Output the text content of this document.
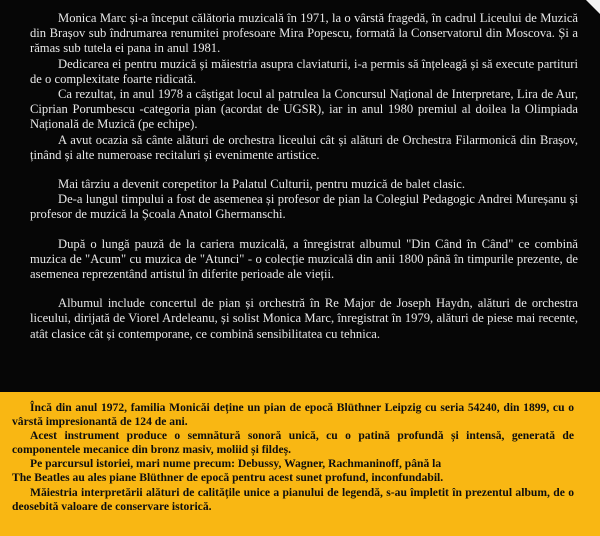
Monica Marc și-a început călătoria muzicală în 1971, la o vârstă fragedă, în cadrul Liceului de Muzică din Brașov sub îndrumarea renumitei profesoare Mira Popescu, formată la Conservatorul din Moscova. Și a rămas sub tutela ei pana in anul 1981.

Dedicarea ei pentru muzică și măiestria asupra claviaturii, i-a permis să înțeleagă și să execute partituri de o complexitate foarte ridicată.

Ca rezultat, in anul 1978 a câștigat locul al patrulea la Concursul Național de Interpretare, Lira de Aur, Ciprian Porumbescu -categoria pian (acordat de UGSR), iar in anul 1980 premiul al doilea la Olimpiada Națională de Muzică (pe echipe).

A avut ocazia să cânte alături de orchestra liceului cât și alături de Orchestra Filarmonică din Brașov, ținând și alte numeroase recitaluri și evenimente artistice.

Mai târziu a devenit corepetitor la Palatul Culturii, pentru muzică de balet clasic.

De-a lungul timpului a fost de asemenea și profesor de pian la Colegiul Pedagogic Andrei Mureșanu și profesor de muzică la Școala Anatol Ghermanschi.

După o lungă pauză de la cariera muzicală, a înregistrat albumul "Din Când în Când" ce combină muzica de "Acum" cu muzica de "Atunci" - o colecție muzicală din anii 1800 până în timpurile prezente, de asemenea reprezentând artistul în diferite perioade ale vieții.

Albumul include concertul de pian și orchestră în Re Major de Joseph Haydn, alături de orchestra liceului, dirijată de Viorel Ardeleanu, și solist Monica Marc, înregistrat în 1979, alături de piese mai recente, atât clasice cât și contemporane, ce combină sensibilitatea cu tehnica.

Încă din anul 1972, familia Monicăi deține un pian de epocă Blüthner Leipzig cu seria 54240, din 1899, cu o vârstă impresionantă de 124 de ani.

Acest instrument produce o semnătură sonoră unică, cu o patină profundă și intensă, generată de componentele mecanice din bronz masiv, moliid și fildeș.

Pe parcursul istoriei, mari nume precum: Debussy, Wagner, Rachmaninoff, până la

The Beatles au ales piane Blüthner de epocă pentru acest sunet profund, inconfundabil.

Măiestria interpretării alături de calitățile unice a pianului de legendă, s-au împletit în prezentul album, de o deosebită valoare de conservare istorică.
